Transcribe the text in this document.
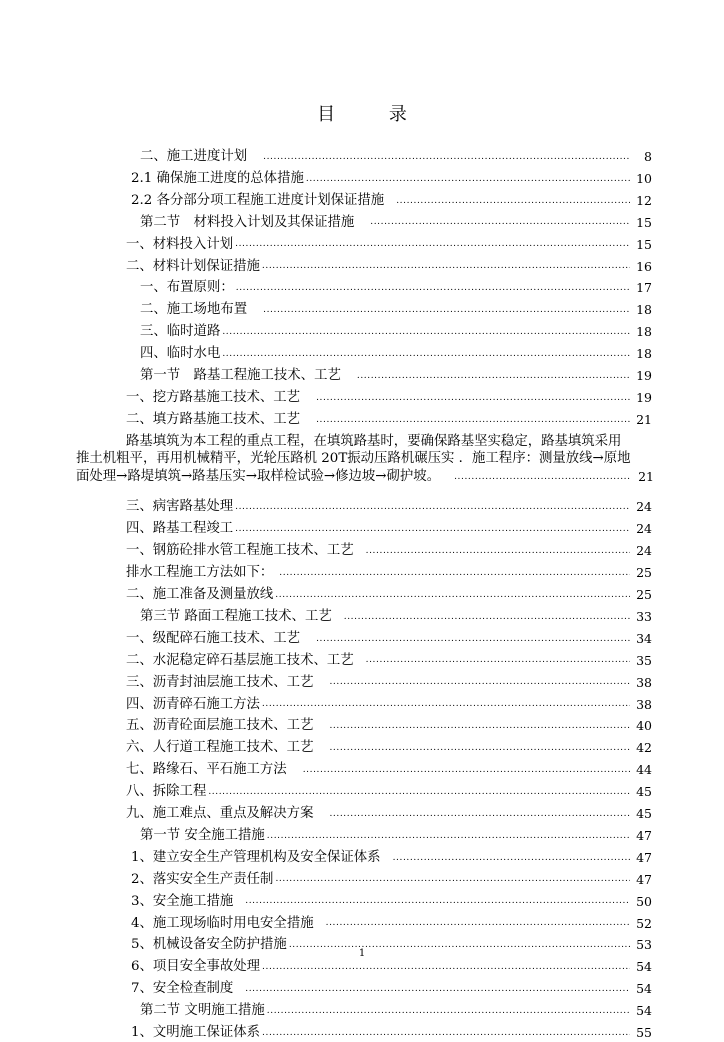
目 录
二、施工进度计划 .....	8
2.1 确保施工进度的总体措施 .....	10
2.2 各分部分项工程施工进度计划保证措施 .....	12
第二节　材料投入计划及其保证措施 .....	15
一、材料投入计划 .....	15
二、材料计划保证措施 .....	16
一、布置原则： .....	17
二、施工场地布置 .....	18
三、临时道路 .....	18
四、临时水电 .....	18
第一节　路基工程施工技术、工艺 .....	19
一、挖方路基施工技术、工艺 .....	19
二、填方路基施工技术、工艺 .....	21
三、病害路基处理 .....	24
四、路基工程竣工 .....	24
一、钢筋砼排水管工程施工技术、工艺 .....	24
排水工程施工方法如下： .....	25
二、施工准备及测量放线 .....	25
第三节 路面工程施工技术、工艺 .....	33
一、级配碎石施工技术、工艺 .....	34
二、水泥稳定碎石基层施工技术、工艺 .....	35
三、沥青封油层施工技术、工艺 .....	38
四、沥青碎石施工方法 .....	38
五、沥青砼面层施工技术、工艺 .....	40
六、人行道工程施工技术、工艺 .....	42
七、路缘石、平石施工方法 .....	44
八、拆除工程 .....	45
九、施工难点、重点及解决方案 .....	45
第一节 安全施工措施 .....	47
1、建立安全生产管理机构及安全保证体系 .....	47
2、落实安全生产责任制 .....	47
3、安全施工措施 .....	50
4、施工现场临时用电安全措施 .....	52
5、机械设备安全防护措施 .....	53
6、项目安全事故处理 .....	54
7、安全检查制度 .....	54
第二节 文明施工措施 .....	54
1、文明施工保证体系 .....	55
路基填筑为本工程的重点工程，在填筑路基时，要确保路基坚实稳定，路基填筑采用
推土机粗平，再用机械精平，光轮压路机 20T振动压路机碾压实 ．施工程序：测量放线→原地
面处理→路堤填筑→路基压实→取样检试验→修边坡→砌护坡。 .....	21
1
